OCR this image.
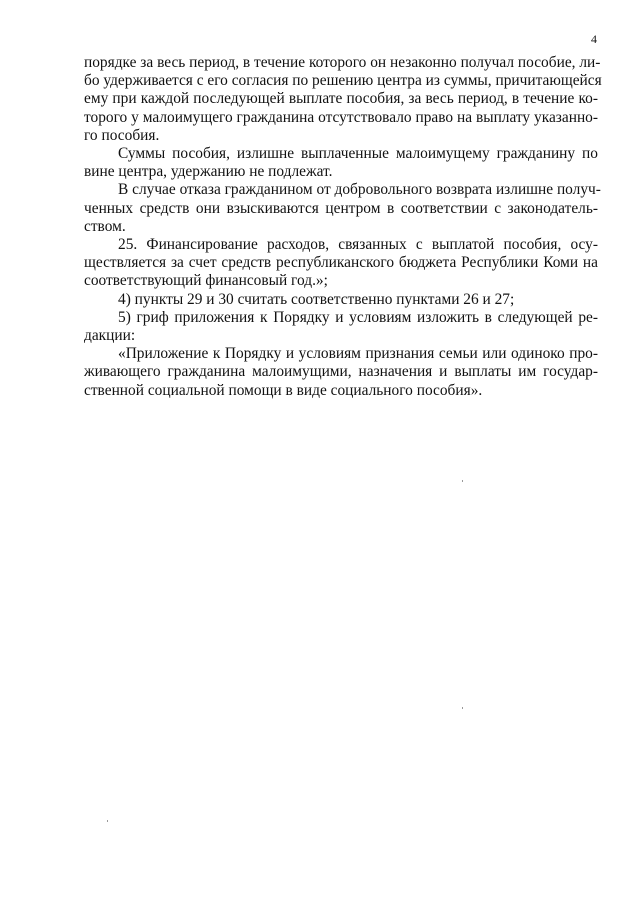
4
порядке за весь период, в течение которого он незаконно получал пособие, ли-
бо удерживается с его согласия по решению центра из суммы, причитающейся
ему при каждой последующей выплате пособия, за весь период, в течение ко-
торого у малоимущего гражданина отсутствовало право на выплату указанно-
го пособия.
Суммы пособия, излишне выплаченные малоимущему гражданину по
вине центра, удержанию не подлежат.
В случае отказа гражданином от добровольного возврата излишне получ-
ченных средств они взыскиваются центром в соответствии с законодатель-
ством.
25. Финансирование расходов, связанных с выплатой пособия, осу-
ществляется за счет средств республиканского бюджета Республики Коми на
соответствующий финансовый год.»;
4) пункты 29 и 30 считать соответственно пунктами 26 и 27;
5) гриф приложения к Порядку и условиям изложить в следующей ре-
дакции:
«Приложение к Порядку и условиям признания семьи или одиноко про-
живающего гражданина малоимущими, назначения и выплаты им государ-
ственной социальной помощи в виде социального пособия».
